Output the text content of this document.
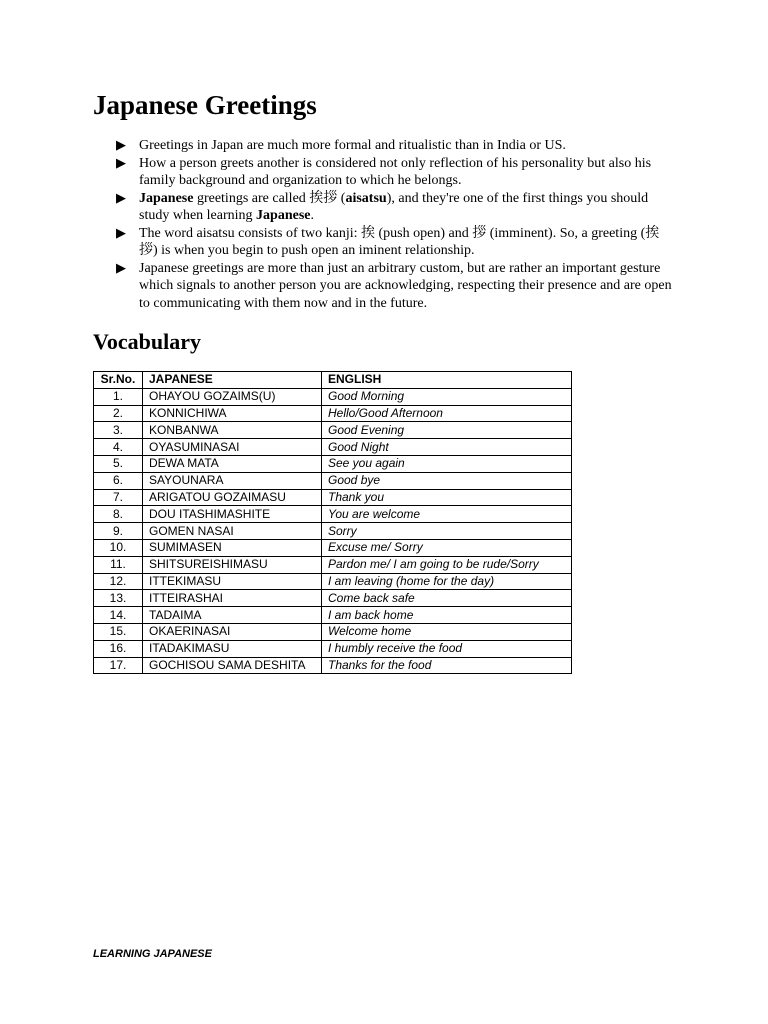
Japanese Greetings
▶ Greetings in Japan are much more formal and ritualistic than in India or US.
▶ How a person greets another is considered not only reflection of his personality but also his family background and organization to which he belongs.
▶ Japanese greetings are called 挨拶 (aisatsu), and they're one of the first things you should study when learning Japanese.
▶ The word aisatsu consists of two kanji: 挨 (push open) and 拶 (imminent). So, a greeting (挨拶) is when you begin to push open an iminent relationship.
▶ Japanese greetings are more than just an arbitrary custom, but are rather an important gesture which signals to another person you are acknowledging, respecting their presence and are open to communicating with them now and in the future.
Vocabulary
Sr.No.	JAPANESE	ENGLISH
1.	OHAYOU GOZAIMS(U)	Good Morning
2.	KONNICHIWA	Hello/Good Afternoon
3.	KONBANWA	Good Evening
4.	OYASUMINASAI	Good Night
5.	DEWA MATA	See you again
6.	SAYOUNARA	Good bye
7.	ARIGATOU GOZAIMASU	Thank you
8.	DOU ITASHIMASHITE	You are welcome
9.	GOMEN NASAI	Sorry
10.	SUMIMASEN	Excuse me/ Sorry
11.	SHITSUREISHIMASU	Pardon me/ I am going to be rude/Sorry
12.	ITTEKIMASU	I am leaving (home for the day)
13.	ITTEIRASHAI	Come back safe
14.	TADAIMA	I am back home
15.	OKAERINASAI	Welcome home
16.	ITADAKIMASU	I humbly receive the food
17.	GOCHISOU SAMA DESHITA	Thanks for the food
LEARNING JAPANESE
